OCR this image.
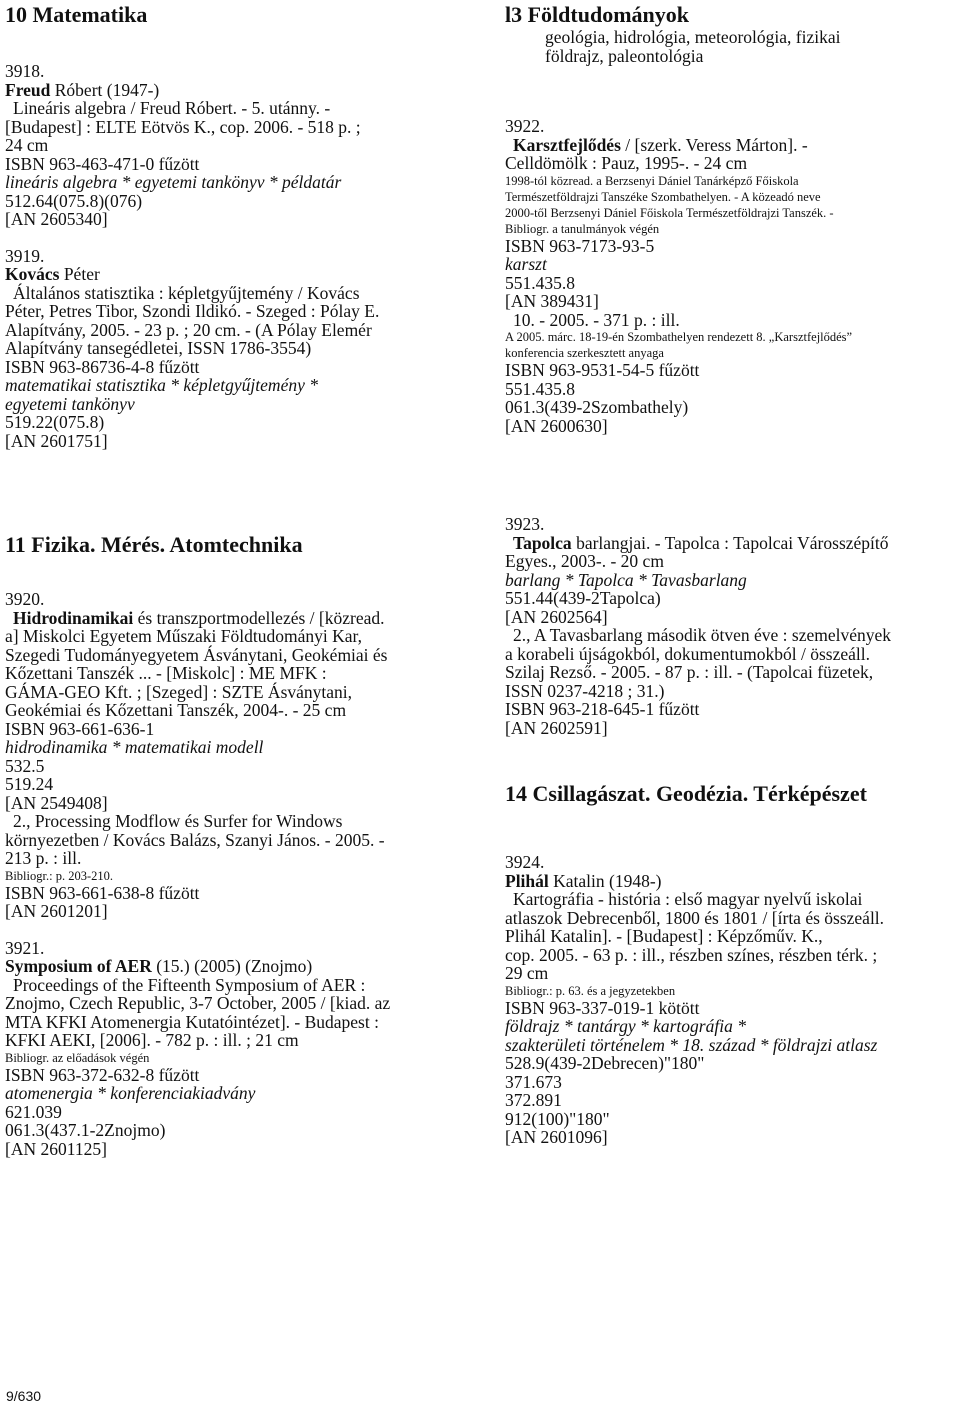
10 Matematika
3918.
Freud Róbert (1947-)
Lineáris algebra / Freud Róbert. - 5. utánny. -
[Budapest] : ELTE Eötvös K., cop. 2006. - 518 p. ;
24 cm
ISBN 963-463-471-0 fűzött
lineáris algebra * egyetemi tankönyv * példatár
512.64(075.8)(076)
[AN 2605340]
3919.
Kovács Péter
Általános statisztika : képletgyűjtemény / Kovács
Péter, Petres Tibor, Szondi Ildikó. - Szeged : Pólay E.
Alapítvány, 2005. - 23 p. ; 20 cm. - (A Pólay Elemér
Alapítvány tansegédletei, ISSN 1786-3554)
ISBN 963-86736-4-8 fűzött
matematikai statisztika * képletgyűjtemény *
egyetemi tankönyv
519.22(075.8)
[AN 2601751]
l3 Földtudományok
geológia, hidrológia, meteorológia, fizikai
földrajz, paleontológia
3922.
Karsztfejlődés / [szerk. Veress Márton]. -
Celldömölk : Pauz, 1995-. - 24 cm
1998-tól közread. a Berzsenyi Dániel Tanárképző Főiskola
Természetföldrajzi Tanszéke Szombathelyen. - A közeadó neve
2000-től Berzsenyi Dániel Főiskola Természetföldrajzi Tanszék. -
Bibliogr. a tanulmányok végén
ISBN 963-7173-93-5
karszt
551.435.8
[AN 389431]
10. - 2005. - 371 p. : ill.
A 2005. márc. 18-19-én Szombathelyen rendezett 8. „Karsztfejlődés”
konferencia szerkesztett anyaga
ISBN 963-9531-54-5 fűzött
551.435.8
061.3(439-2Szombathely)
[AN 2600630]
11 Fizika. Mérés. Atomtechnika
3920.
Hidrodinamikai és transzportmodellezés / [közread.
a] Miskolci Egyetem Műszaki Földtudományi Kar,
Szegedi Tudományegyetem Ásványtani, Geokémiai és
Kőzettani Tanszék ... - [Miskolc] : ME MFK :
GÁMA-GEO Kft. ; [Szeged] : SZTE Ásványtani,
Geokémiai és Kőzettani Tanszék, 2004-. - 25 cm
ISBN 963-661-636-1
hidrodinamika * matematikai modell
532.5
519.24
[AN 2549408]
2., Processing Modflow és Surfer for Windows
környezetben / Kovács Balázs, Szanyi János. - 2005. -
213 p. : ill.
Bibliogr.: p. 203-210.
ISBN 963-661-638-8 fűzött
[AN 2601201]
3921.
Symposium of AER (15.) (2005) (Znojmo)
Proceedings of the Fifteenth Symposium of AER :
Znojmo, Czech Republic, 3-7 October, 2005 / [kiad. az
MTA KFKI Atomenergia Kutatóintézet]. - Budapest :
KFKI AEKI, [2006]. - 782 p. : ill. ; 21 cm
Bibliogr. az előadások végén
ISBN 963-372-632-8 fűzött
atomenergia * konferenciakiadvány
621.039
061.3(437.1-2Znojmo)
[AN 2601125]
3923.
Tapolca barlangjai. - Tapolca : Tapolcai Városszépítő
Egyes., 2003-. - 20 cm
barlang * Tapolca * Tavasbarlang
551.44(439-2Tapolca)
[AN 2602564]
2., A Tavasbarlang második ötven éve : szemelvények
a korabeli újságokból, dokumentumokból / összeáll.
Szilaj Rezső. - 2005. - 87 p. : ill. - (Tapolcai füzetek,
ISSN 0237-4218 ; 31.)
ISBN 963-218-645-1 fűzött
[AN 2602591]
14 Csillagászat. Geodézia. Térképészet
3924.
Plihál Katalin (1948-)
Kartográfia - história : első magyar nyelvű iskolai
atlaszok Debrecenből, 1800 és 1801 / [írta és összeáll.
Plihál Katalin]. - [Budapest] : Képzőműv. K.,
cop. 2005. - 63 p. : ill., részben színes, részben térk. ;
29 cm
Bibliogr.: p. 63. és a jegyzetekben
ISBN 963-337-019-1 kötött
földrajz * tantárgy * kartográfia *
szakterületi történelem * 18. század * földrajzi atlasz
528.9(439-2Debrecen)"180"
371.673
372.891
912(100)"180"
[AN 2601096]
9/630
